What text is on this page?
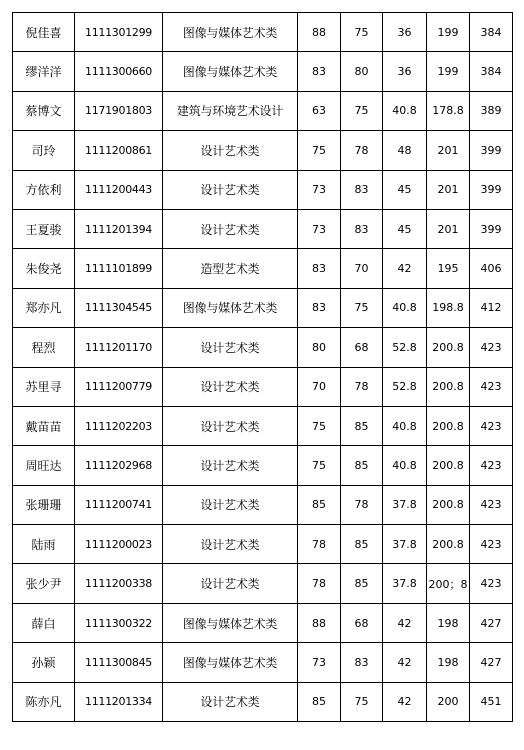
倪佳喜	1111301299	图像与媒体艺术类	88	75	36	199	384
缪洋洋	1111300660	图像与媒体艺术类	83	80	36	199	384
蔡博文	1171901803	建筑与环境艺术设计	63	75	40.8	178.8	389
司玲	1111200861	设计艺术类	75	78	48	201	399
方依利	1111200443	设计艺术类	73	83	45	201	399
王夏骏	1111201394	设计艺术类	73	83	45	201	399
朱俊尧	1111101899	造型艺术类	83	70	42	195	406
郑亦凡	1111304545	图像与媒体艺术类	83	75	40.8	198.8	412
程烈	1111201170	设计艺术类	80	68	52.8	200.8	423
苏里寻	1111200779	设计艺术类	70	78	52.8	200.8	423
戴苗苗	1111202203	设计艺术类	75	85	40.8	200.8	423
周旺达	1111202968	设计艺术类	75	85	40.8	200.8	423
张珊珊	1111200741	设计艺术类	85	78	37.8	200.8	423
陆雨	1111200023	设计艺术类	78	85	37.8	200.8	423
张少尹	1111200338	设计艺术类	78	85	37.8	200；8	423
薛白	1111300322	图像与媒体艺术类	88	68	42	198	427
孙颖	1111300845	图像与媒体艺术类	73	83	42	198	427
陈亦凡	1111201334	设计艺术类	85	75	42	200	451
